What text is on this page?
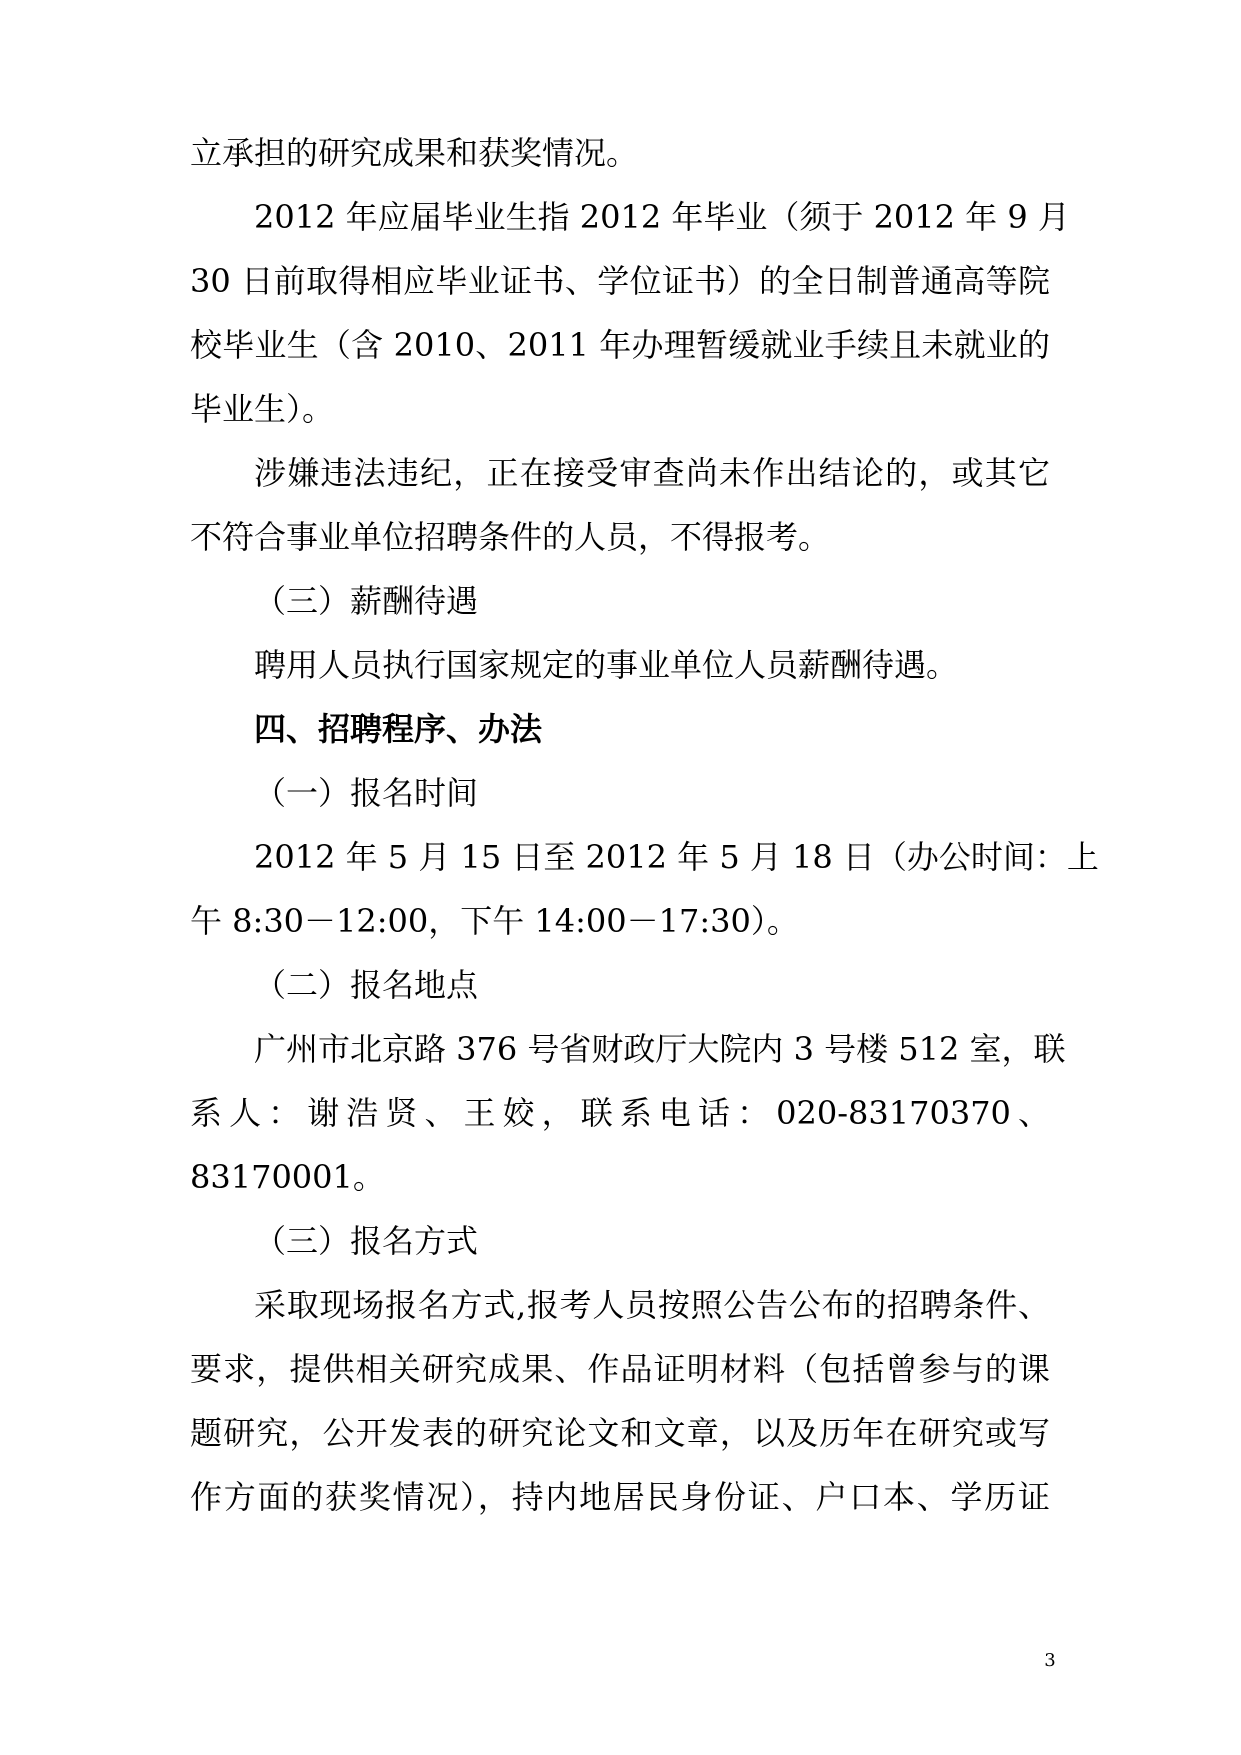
立承担的研究成果和获奖情况。
2012 年应届毕业生指 2012 年毕业（须于 2012 年 9 月
30 日前取得相应毕业证书、学位证书）的全日制普通高等院
校毕业生（含 2010、2011 年办理暂缓就业手续且未就业的
毕业生）。
涉嫌违法违纪，正在接受审查尚未作出结论的，或其它
不符合事业单位招聘条件的人员，不得报考。
（三）薪酬待遇
聘用人员执行国家规定的事业单位人员薪酬待遇。
四、招聘程序、办法
（一）报名时间
2012 年 5 月 15 日至 2012 年 5 月 18 日（办公时间：上
午 8:30－12:00，下午 14:00－17:30）。
（二）报名地点
广州市北京路 376 号省财政厅大院内 3 号楼 512 室，联
系人：谢浩贤、王姣，联系电话：020-83170370、
83170001。
（三）报名方式
采取现场报名方式,报考人员按照公告公布的招聘条件、
要求，提供相关研究成果、作品证明材料（包括曾参与的课
题研究，公开发表的研究论文和文章，以及历年在研究或写
作方面的获奖情况），持内地居民身份证、户口本、学历证
3
